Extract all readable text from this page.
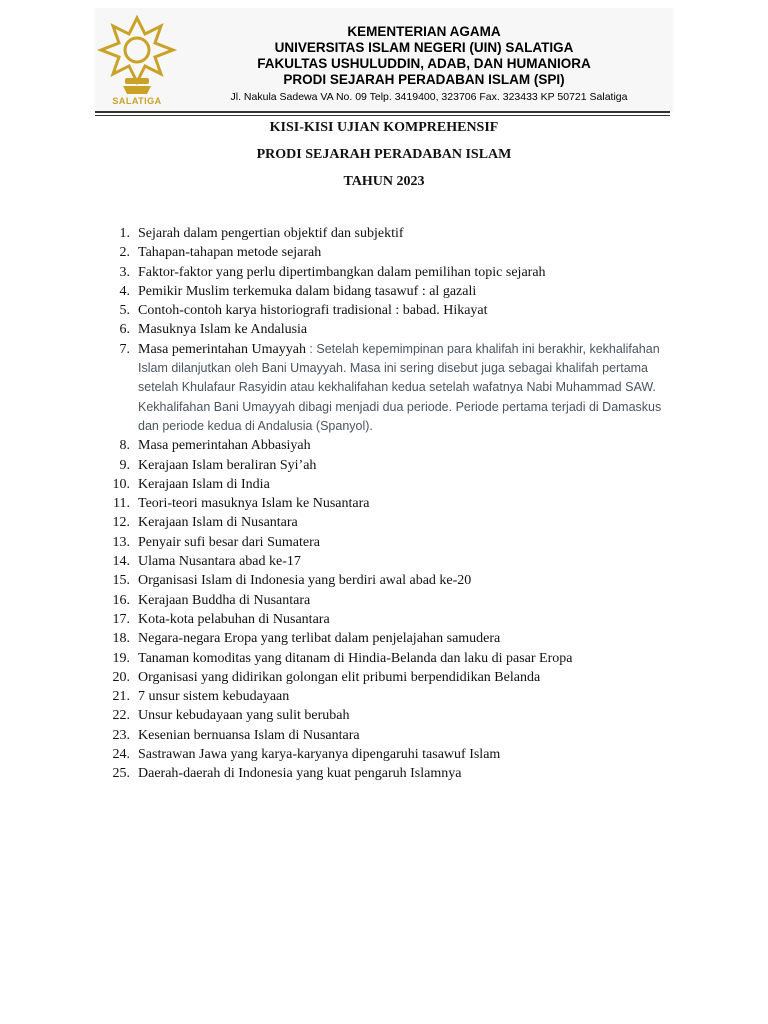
SALATIGA
KEMENTERIAN AGAMA
UNIVERSITAS ISLAM NEGERI (UIN) SALATIGA
FAKULTAS USHULUDDIN, ADAB, DAN HUMANIORA
PRODI SEJARAH PERADABAN ISLAM (SPI)
Jl. Nakula Sadewa VA No. 09 Telp. 3419400, 323706 Fax. 323433 KP 50721 Salatiga
KISI-KISI UJIAN KOMPREHENSIF
PRODI SEJARAH PERADABAN ISLAM
TAHUN 2023
1. Sejarah dalam pengertian objektif dan subjektif
2. Tahapan-tahapan metode sejarah
3. Faktor-faktor yang perlu dipertimbangkan dalam pemilihan topic sejarah
4. Pemikir Muslim terkemuka dalam bidang tasawuf : al gazali
5. Contoh-contoh karya historiografi tradisional : babad. Hikayat
6. Masuknya Islam ke Andalusia
7. Masa pemerintahan Umayyah : Setelah kepemimpinan para khalifah ini berakhir, kekhalifahan Islam dilanjutkan oleh Bani Umayyah. Masa ini sering disebut juga sebagai khalifah pertama setelah Khulafaur Rasyidin atau kekhalifahan kedua setelah wafatnya Nabi Muhammad SAW. Kekhalifahan Bani Umayyah dibagi menjadi dua periode. Periode pertama terjadi di Damaskus dan periode kedua di Andalusia (Spanyol).
8. Masa pemerintahan Abbasiyah
9. Kerajaan Islam beraliran Syi’ah
10. Kerajaan Islam di India
11. Teori-teori masuknya Islam ke Nusantara
12. Kerajaan Islam di Nusantara
13. Penyair sufi besar dari Sumatera
14. Ulama Nusantara abad ke-17
15. Organisasi Islam di Indonesia yang berdiri awal abad ke-20
16. Kerajaan Buddha di Nusantara
17. Kota-kota pelabuhan di Nusantara
18. Negara-negara Eropa yang terlibat dalam penjelajahan samudera
19. Tanaman komoditas yang ditanam di Hindia-Belanda dan laku di pasar Eropa
20. Organisasi yang didirikan golongan elit pribumi berpendidikan Belanda
21. 7 unsur sistem kebudayaan
22. Unsur kebudayaan yang sulit berubah
23. Kesenian bernuansa Islam di Nusantara
24. Sastrawan Jawa yang karya-karyanya dipengaruhi tasawuf Islam
25. Daerah-daerah di Indonesia yang kuat pengaruh Islamnya
